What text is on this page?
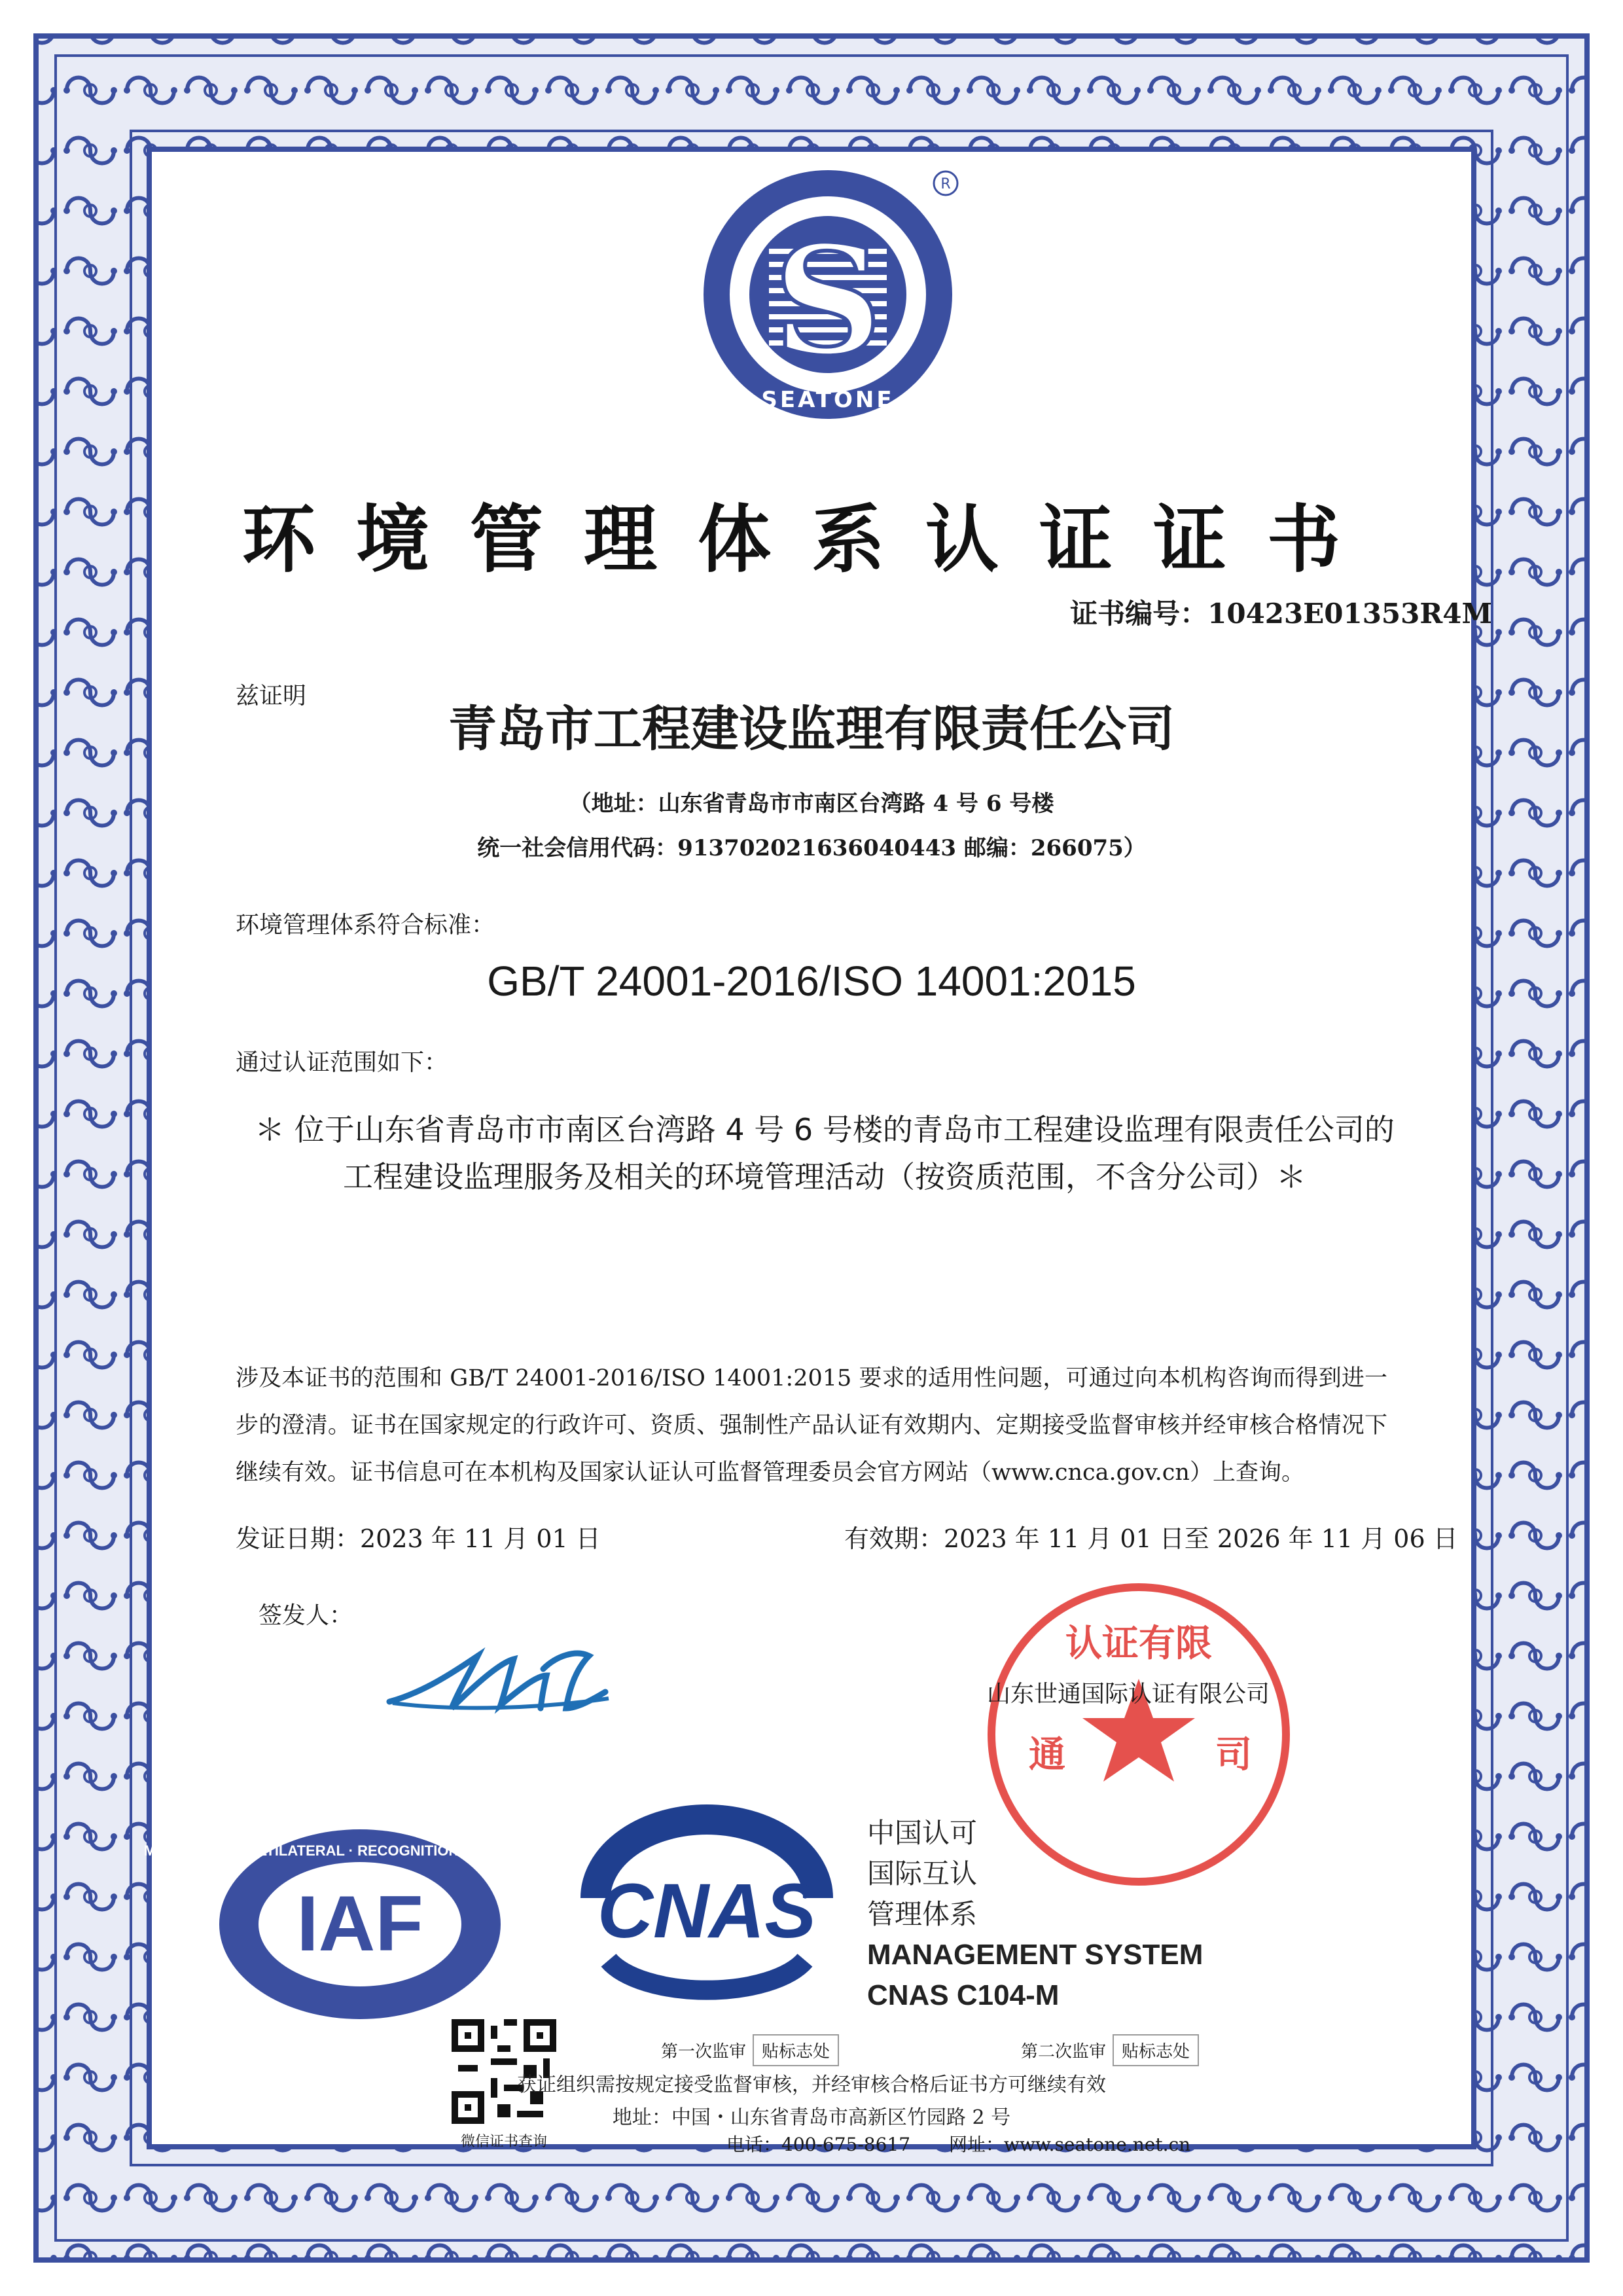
S
SEATONE
R
环境管理体系认证证书
证书编号：10423E01353R4M
兹证明
青岛市工程建设监理有限责任公司
（地址：山东省青岛市市南区台湾路 4 号 6 号楼
统一社会信用代码：913702021636040443 邮编：266075）
环境管理体系符合标准：
GB/T 24001-2016/ISO 14001:2015
通过认证范围如下：
＊ 位于山东省青岛市市南区台湾路 4 号 6 号楼的青岛市工程建设监理有限责任公司的
工程建设监理服务及相关的环境管理活动（按资质范围，不含分公司）＊
涉及本证书的范围和 GB/T 24001-2016/ISO 14001:2015 要求的适用性问题，可通过向本机构咨询而得到进一步的澄清。证书在国家规定的行政许可、资质、强制性产品认证有效期内、定期接受监督审核并经审核合格情况下继续有效。证书信息可在本机构及国家认证认可监督管理委员会官方网站（www.cnca.gov.cn）上查询。
发证日期：2023 年 11 月 01 日	有效期：2023 年 11 月 01 日至 2026 年 11 月 06 日
签发人：
认证有限
通	司
山东世通国际认证有限公司
IAF
MEMBER OF MULTILATERAL · RECOGNITION ARRANGEMENT
CNAS
中国认可
国际互认
管理体系
MANAGEMENT SYSTEM
CNAS C104-M
微信证书查询
第一次监审 贴标志处	第二次监审 贴标志处
获证组织需按规定接受监督审核，并经审核合格后证书方可继续有效
地址：中国・山东省青岛市高新区竹园路 2 号
电话：400-675-8617 网址：www.seatone.net.cn
